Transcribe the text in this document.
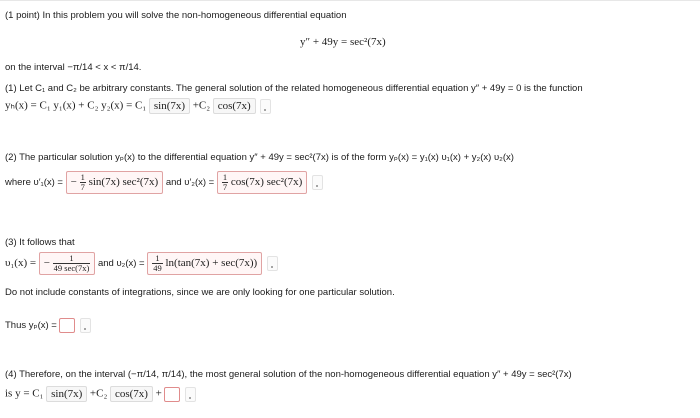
(1 point) In this problem you will solve the non-homogeneous differential equation
y″ + 49y = sec²(7x)
on the interval −π/14 < x < π/14.
(1) Let C₁ and C₂ be arbitrary constants. The general solution of the related homogeneous differential equation y″ + 49y = 0 is the function
yₕ(x) = C₁ y₁(x) + C₂ y₂(x) = C₁ sin(7x) +C₂ cos(7x)
(2) The particular solution yₚ(x) to the differential equation y″ + 49y = sec²(7x) is of the form yₚ(x) = y₁(x) υ₁(x) + y₂(x) υ₂(x)
where υ′₁(x) = − $\frac{1}{7} \sin(7x)$ sec²(7x) and $\upsilon'_2(x) = \frac{1}{7} \cos(7x)$ sec²(7x)
(3) It follows that
υ₁(x) = − $\frac{1}{49 \sec(7x)}$ and $\upsilon_2(x) = \frac{1}{49} \ln(\tan(7x) + \sec(7x))$
Do not include constants of integrations, since we are only looking for one particular solution.
Thus yₚ(x) =
(4) Therefore, on the interval (−π/14, π/14), the most general solution of the non-homogeneous differential equation y″ + 49y = sec²(7x)
is y = C₁ sin(7x) +C₂ cos(7x) +
